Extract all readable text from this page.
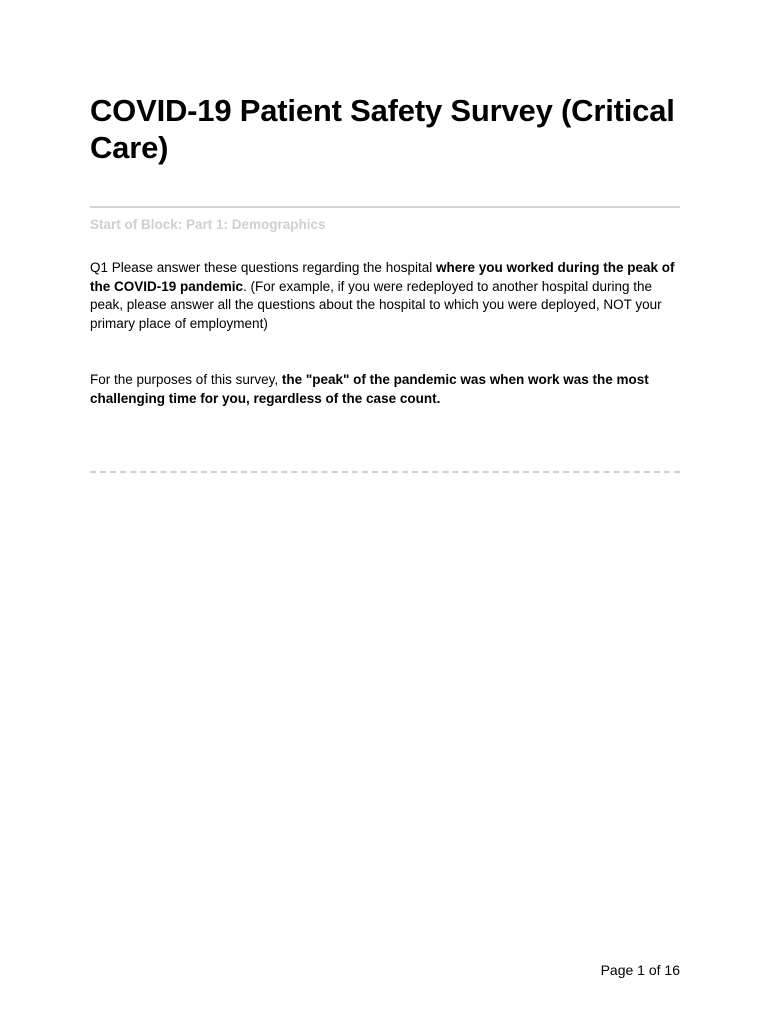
COVID-19 Patient Safety Survey (Critical Care)
Start of Block: Part 1: Demographics

Q1 Please answer these questions regarding the hospital where you worked during the peak of the COVID-19 pandemic. (For example, if you were redeployed to another hospital during the peak, please answer all the questions about the hospital to which you were deployed, NOT your primary place of employment)

For the purposes of this survey, the "peak" of the pandemic was when work was the most challenging time for you, regardless of the case count.

Page 1 of 16
